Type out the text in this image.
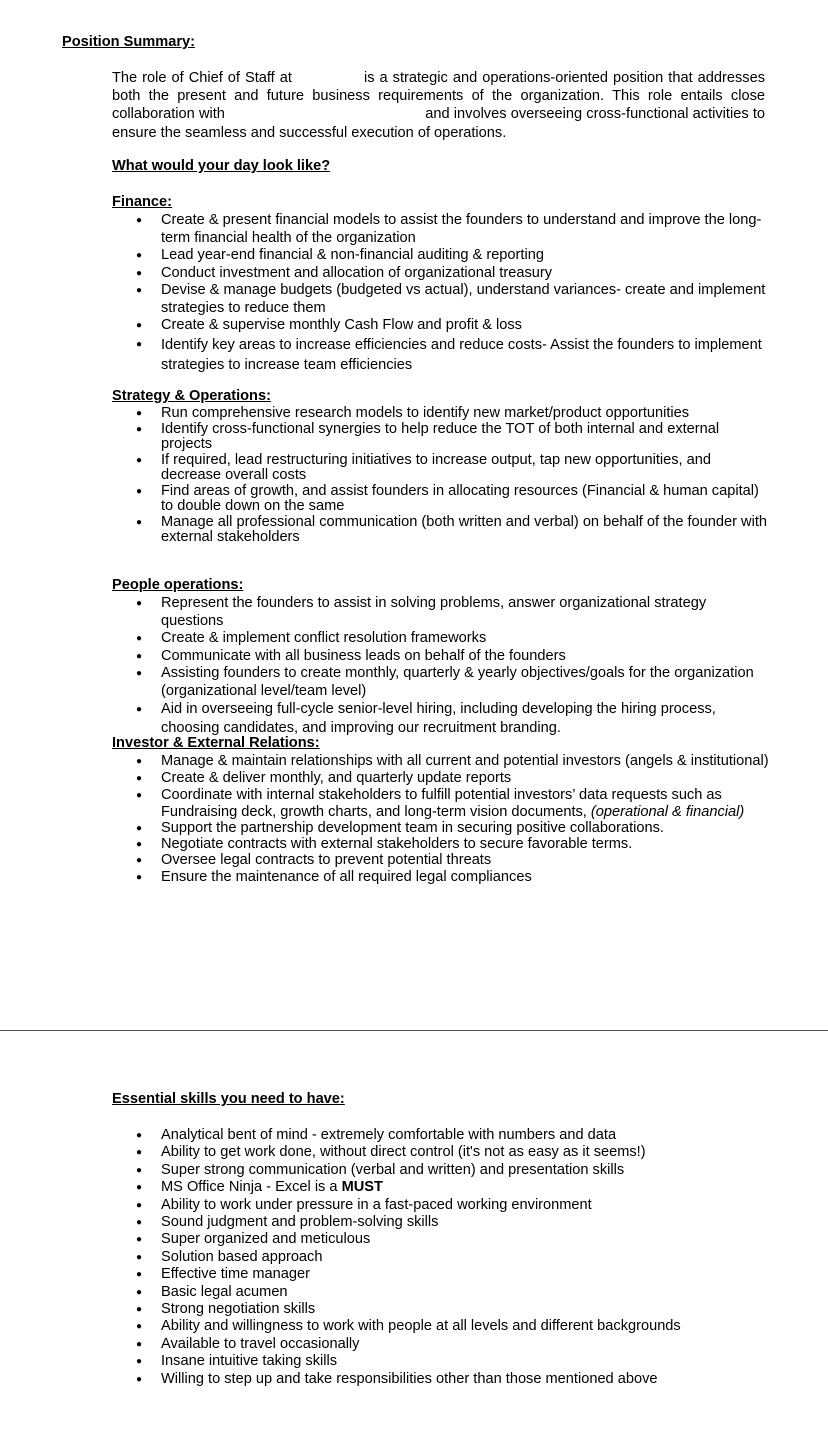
Position Summary:
The role of Chief of Staff at	is a strategic and operations-oriented position that addresses both the present and future business requirements of the organization. This role entails close collaboration with	and involves overseeing cross-functional activities to ensure the seamless and successful execution of operations.
What would your day look like?
Finance:
● Create & present financial models to assist the founders to understand and improve the long-term financial health of the organization
● Lead year-end financial & non-financial auditing & reporting
● Conduct investment and allocation of organizational treasury
● Devise & manage budgets (budgeted vs actual), understand variances- create and implement strategies to reduce them
● Create & supervise monthly Cash Flow and profit & loss
● Identify key areas to increase efficiencies and reduce costs- Assist the founders to implement strategies to increase team efficiencies
Strategy & Operations:
● Run comprehensive research models to identify new market/product opportunities
● Identify cross-functional synergies to help reduce the TOT of both internal and external projects
● If required, lead restructuring initiatives to increase output, tap new opportunities, and decrease overall costs
● Find areas of growth, and assist founders in allocating resources (Financial & human capital) to double down on the same
● Manage all professional communication (both written and verbal) on behalf of the founder with external stakeholders
People operations:
● Represent the founders to assist in solving problems, answer organizational strategy questions
● Create & implement conflict resolution frameworks
● Communicate with all business leads on behalf of the founders
● Assisting founders to create monthly, quarterly & yearly objectives/goals for the organization (organizational level/team level)
● Aid in overseeing full-cycle senior-level hiring, including developing the hiring process, choosing candidates, and improving our recruitment branding.
Investor & External Relations:
● Manage & maintain relationships with all current and potential investors (angels & institutional)
● Create & deliver monthly, and quarterly update reports
● Coordinate with internal stakeholders to fulfill potential investors’ data requests such as Fundraising deck, growth charts, and long-term vision documents, (operational & financial)
● Support the partnership development team in securing positive collaborations.
● Negotiate contracts with external stakeholders to secure favorable terms.
● Oversee legal contracts to prevent potential threats
● Ensure the maintenance of all required legal compliances
Essential skills you need to have:
● Analytical bent of mind - extremely comfortable with numbers and data
● Ability to get work done, without direct control (it's not as easy as it seems!)
● Super strong communication (verbal and written) and presentation skills
● MS Office Ninja - Excel is a MUST
● Ability to work under pressure in a fast-paced working environment
● Sound judgment and problem-solving skills
● Super organized and meticulous
● Solution based approach
● Effective time manager
● Basic legal acumen
● Strong negotiation skills
● Ability and willingness to work with people at all levels and different backgrounds
● Available to travel occasionally
● Insane intuitive taking skills
● Willing to step up and take responsibilities other than those mentioned above
